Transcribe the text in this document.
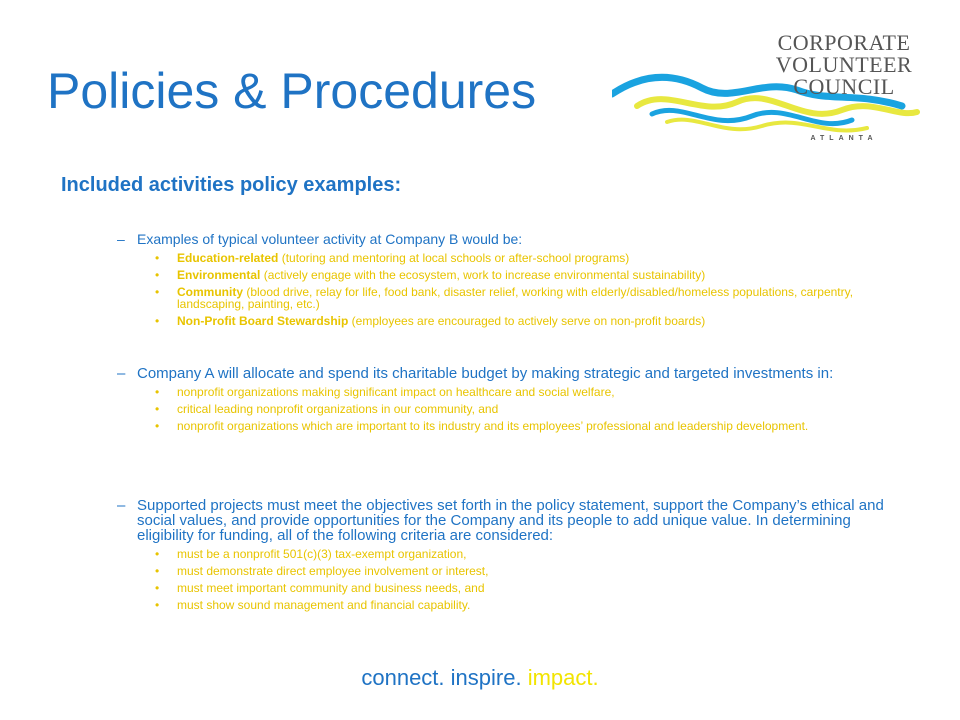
Policies & Procedures
CORPORATE
VOLUNTEER
COUNCIL
ATLANTA
Included activities policy examples:
– Examples of typical volunteer activity at Company B would be:
•	Education-related (tutoring and mentoring at local schools or after-school programs)
•	Environmental (actively engage with the ecosystem, work to increase environmental sustainability)
•	Community (blood drive, relay for life, food bank, disaster relief, working with elderly/disabled/homeless populations, carpentry, landscaping, painting, etc.)
•	Non-Profit Board Stewardship (employees are encouraged to actively serve on non-profit boards)
– Company A will allocate and spend its charitable budget by making strategic and targeted investments in:
•	nonprofit organizations making significant impact on healthcare and social welfare,
•	critical leading nonprofit organizations in our community, and
•	nonprofit organizations which are important to its industry and its employees’ professional and leadership development.
– Supported projects must meet the objectives set forth in the policy statement, support the Company’s ethical and social values, and provide opportunities for the Company and its people to add unique value. In determining eligibility for funding, all of the following criteria are considered:
•	must be a nonprofit 501(c)(3) tax-exempt organization,
•	must demonstrate direct employee involvement or interest,
•	must meet important community and business needs, and
•	must show sound management and financial capability.
connect. inspire. impact.
